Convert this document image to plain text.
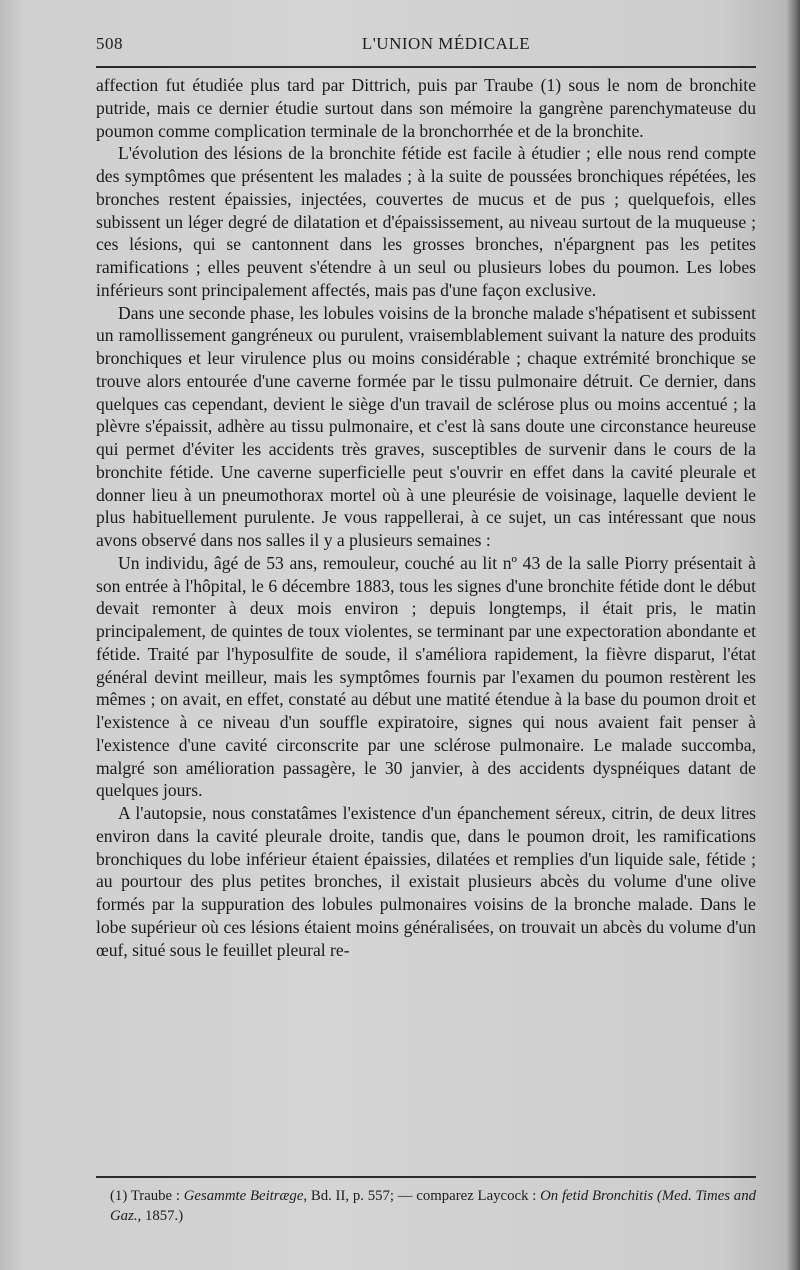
508	L'UNION MÉDICALE

affection fut étudiée plus tard par Dittrich, puis par Traube (1) sous le nom de bronchite putride, mais ce dernier étudie surtout dans son mémoire la gangrène parenchymateuse du poumon comme complication terminale de la bronchorrhée et de la bronchite.

L'évolution des lésions de la bronchite fétide est facile à étudier ; elle nous rend compte des symptômes que présentent les malades ; à la suite de poussées bronchiques répétées, les bronches restent épaissies, injectées, couvertes de mucus et de pus ; quelquefois, elles subissent un léger degré de dilatation et d'épaississement, au niveau surtout de la muqueuse ; ces lésions, qui se cantonnent dans les grosses bronches, n'épargnent pas les petites ramifications ; elles peuvent s'étendre à un seul ou plusieurs lobes du poumon. Les lobes inférieurs sont principalement affectés, mais pas d'une façon exclusive.

Dans une seconde phase, les lobules voisins de la bronche malade s'hépatisent et subissent un ramollissement gangréneux ou purulent, vraisemblablement suivant la nature des produits bronchiques et leur virulence plus ou moins considérable ; chaque extrémité bronchique se trouve alors entourée d'une caverne formée par le tissu pulmonaire détruit. Ce dernier, dans quelques cas cependant, devient le siège d'un travail de sclérose plus ou moins accentué ; la plèvre s'épaissit, adhère au tissu pulmonaire, et c'est là sans doute une circonstance heureuse qui permet d'éviter les accidents très graves, susceptibles de survenir dans le cours de la bronchite fétide. Une caverne superficielle peut s'ouvrir en effet dans la cavité pleurale et donner lieu à un pneumothorax mortel où à une pleurésie de voisinage, laquelle devient le plus habituellement purulente. Je vous rappellerai, à ce sujet, un cas intéressant que nous avons observé dans nos salles il y a plusieurs semaines :

Un individu, âgé de 53 ans, remouleur, couché au lit nº 43 de la salle Piorry présentait à son entrée à l'hôpital, le 6 décembre 1883, tous les signes d'une bronchite fétide dont le début devait remonter à deux mois environ ; depuis longtemps, il était pris, le matin principalement, de quintes de toux violentes, se terminant par une expectoration abondante et fétide. Traité par l'hyposulfite de soude, il s'améliora rapidement, la fièvre disparut, l'état général devint meilleur, mais les symptômes fournis par l'examen du poumon restèrent les mêmes ; on avait, en effet, constaté au début une matité étendue à la base du poumon droit et l'existence à ce niveau d'un souffle expiratoire, signes qui nous avaient fait penser à l'existence d'une cavité circonscrite par une sclérose pulmonaire. Le malade succomba, malgré son amélioration passagère, le 30 janvier, à des accidents dyspnéiques datant de quelques jours.

A l'autopsie, nous constatâmes l'existence d'un épanchement séreux, citrin, de deux litres environ dans la cavité pleurale droite, tandis que, dans le poumon droit, les ramifications bronchiques du lobe inférieur étaient épaissies, dilatées et remplies d'un liquide sale, fétide ; au pourtour des plus petites bronches, il existait plusieurs abcès du volume d'une olive formés par la suppuration des lobules pulmonaires voisins de la bronche malade. Dans le lobe supérieur où ces lésions étaient moins généralisées, on trouvait un abcès du volume d'un œuf, situé sous le feuillet pleural re-

(1) Traube : Gesammte Beitræge, Bd. II, p. 557; — comparez Laycock : On fetid Bronchitis (Med. Times and Gaz., 1857.)
